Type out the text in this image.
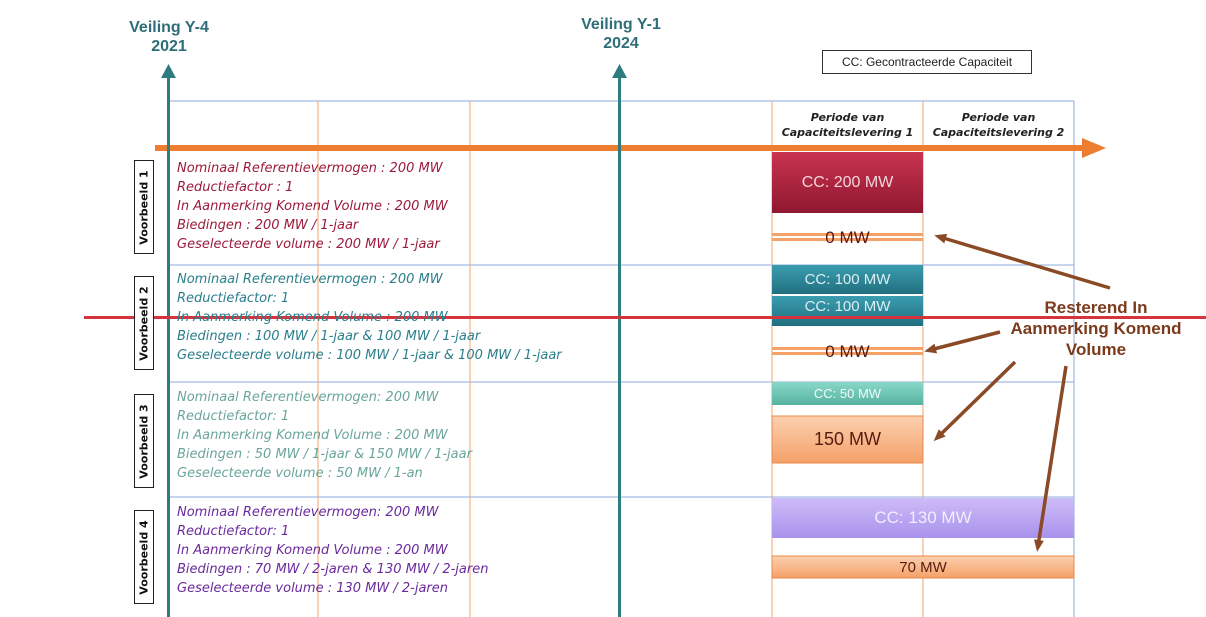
Veiling Y-4
2021
Veiling Y-1
2024
CC: Gecontracteerde Capaciteit
Periode van
Capaciteitslevering 1
Periode van
Capaciteitslevering 2
Voorbeeld 1
Voorbeeld 2
Voorbeeld 3
Voorbeeld 4
Nominaal Referentievermogen : 200 MW
Reductiefactor : 1
In Aanmerking Komend Volume : 200 MW
Biedingen : 200 MW / 1-jaar
Geselecteerde volume : 200 MW / 1-jaar
Nominaal Referentievermogen : 200 MW
Reductiefactor: 1
In Aanmerking Komend Volume : 200 MW
Biedingen : 100 MW / 1-jaar & 100 MW / 1-jaar
Geselecteerde volume : 100 MW / 1-jaar & 100 MW / 1-jaar
Nominaal Referentievermogen: 200 MW
Reductiefactor: 1
In Aanmerking Komend Volume : 200 MW
Biedingen : 50 MW / 1-jaar & 150 MW / 1-jaar
Geselecteerde volume : 50 MW / 1-an
Nominaal Referentievermogen: 200 MW
Reductiefactor: 1
In Aanmerking Komend Volume : 200 MW
Biedingen : 70 MW / 2-jaren & 130 MW / 2-jaren
Geselecteerde volume : 130 MW / 2-jaren
CC: 200 MW
0 MW
CC: 100 MW
CC: 100 MW
0 MW
CC: 50 MW
150 MW
CC: 130 MW
70 MW
Resterend In
Aanmerking Komend
Volume
